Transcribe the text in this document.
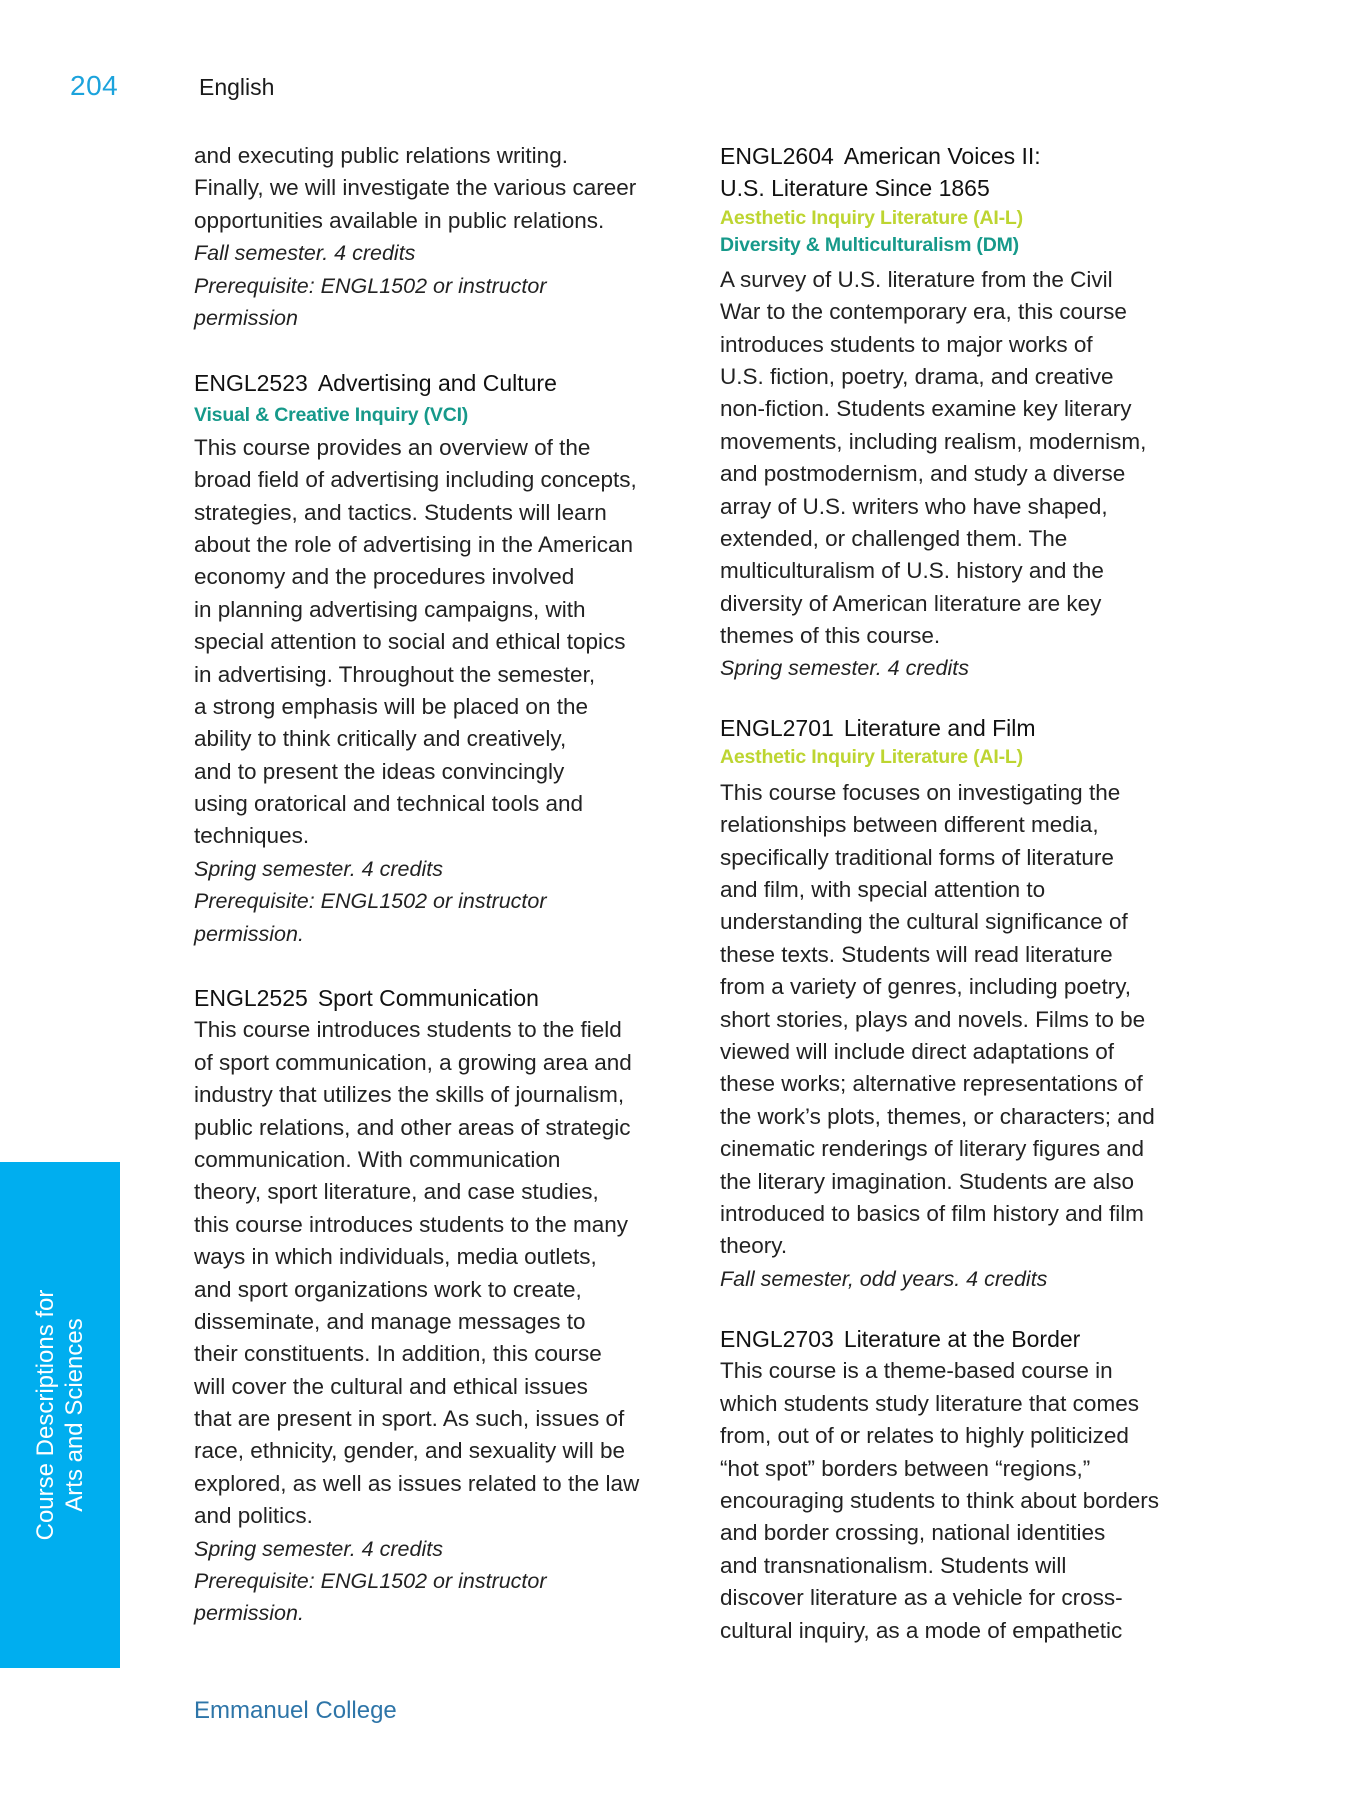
204	English
and executing public relations writing.
Finally, we will investigate the various career
opportunities available in public relations.
Fall semester. 4 credits
Prerequisite: ENGL1502 or instructor
permission
ENGL2523 Advertising and Culture
Visual & Creative Inquiry (VCI)
This course provides an overview of the
broad field of advertising including concepts,
strategies, and tactics. Students will learn
about the role of advertising in the American
economy and the procedures involved
in planning advertising campaigns, with
special attention to social and ethical topics
in advertising. Throughout the semester,
a strong emphasis will be placed on the
ability to think critically and creatively,
and to present the ideas convincingly
using oratorical and technical tools and
techniques.
Spring semester. 4 credits
Prerequisite: ENGL1502 or instructor
permission.
ENGL2525 Sport Communication
This course introduces students to the field
of sport communication, a growing area and
industry that utilizes the skills of journalism,
public relations, and other areas of strategic
communication. With communication
theory, sport literature, and case studies,
this course introduces students to the many
ways in which individuals, media outlets,
and sport organizations work to create,
disseminate, and manage messages to
their constituents. In addition, this course
will cover the cultural and ethical issues
that are present in sport. As such, issues of
race, ethnicity, gender, and sexuality will be
explored, as well as issues related to the law
and politics.
Spring semester. 4 credits
Prerequisite: ENGL1502 or instructor
permission.
ENGL2604 American Voices II:
U.S. Literature Since 1865
Aesthetic Inquiry Literature (AI-L)
Diversity & Multiculturalism (DM)
A survey of U.S. literature from the Civil
War to the contemporary era, this course
introduces students to major works of
U.S. fiction, poetry, drama, and creative
non-fiction. Students examine key literary
movements, including realism, modernism,
and postmodernism, and study a diverse
array of U.S. writers who have shaped,
extended, or challenged them. The
multiculturalism of U.S. history and the
diversity of American literature are key
themes of this course.
Spring semester. 4 credits
ENGL2701 Literature and Film
Aesthetic Inquiry Literature (AI-L)
This course focuses on investigating the
relationships between different media,
specifically traditional forms of literature
and film, with special attention to
understanding the cultural significance of
these texts. Students will read literature
from a variety of genres, including poetry,
short stories, plays and novels. Films to be
viewed will include direct adaptations of
these works; alternative representations of
the work’s plots, themes, or characters; and
cinematic renderings of literary figures and
the literary imagination. Students are also
introduced to basics of film history and film
theory.
Fall semester, odd years. 4 credits
ENGL2703 Literature at the Border
This course is a theme-based course in
which students study literature that comes
from, out of or relates to highly politicized
“hot spot” borders between “regions,”
encouraging students to think about borders
and border crossing, national identities
and transnationalism. Students will
discover literature as a vehicle for cross-
cultural inquiry, as a mode of empathetic
Course Descriptions for Arts and Sciences
Emmanuel College
